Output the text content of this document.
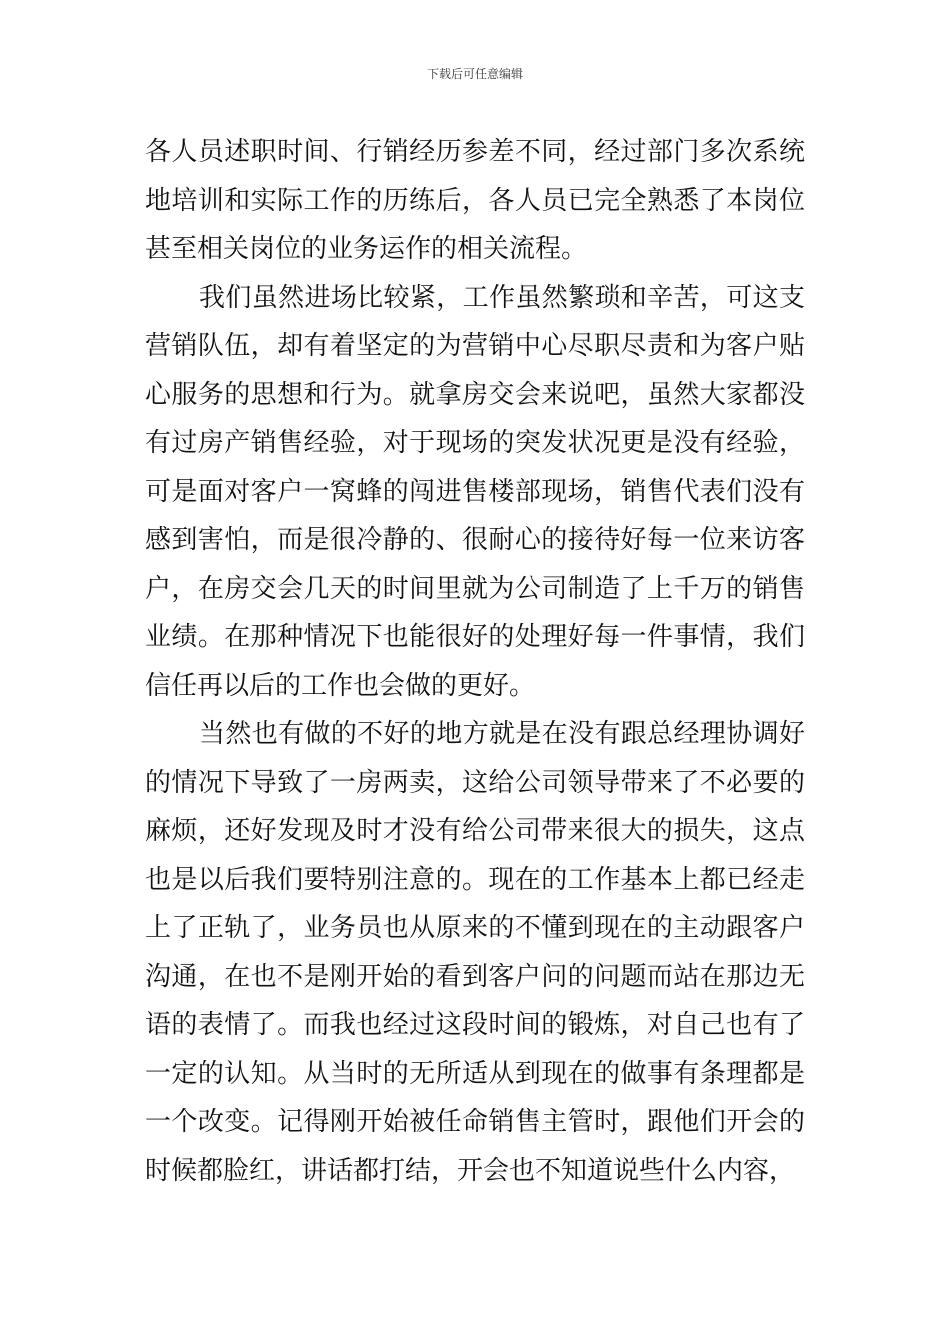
下载后可任意编辑

各人员述职时间、行销经历参差不同，经过部门多次系统地培训和实际工作的历练后，各人员已完全熟悉了本岗位甚至相关岗位的业务运作的相关流程。

我们虽然进场比较紧，工作虽然繁琐和辛苦，可这支营销队伍，却有着坚定的为营销中心尽职尽责和为客户贴心服务的思想和行为。就拿房交会来说吧，虽然大家都没有过房产销售经验，对于现场的突发状况更是没有经验，可是面对客户一窝蜂的闯进售楼部现场，销售代表们没有感到害怕，而是很冷静的、很耐心的接待好每一位来访客户，在房交会几天的时间里就为公司制造了上千万的销售业绩。在那种情况下也能很好的处理好每一件事情，我们信任再以后的工作也会做的更好。

当然也有做的不好的地方就是在没有跟总经理协调好的情况下导致了一房两卖，这给公司领导带来了不必要的麻烦，还好发现及时才没有给公司带来很大的损失，这点也是以后我们要特别注意的。现在的工作基本上都已经走上了正轨了，业务员也从原来的不懂到现在的主动跟客户沟通，在也不是刚开始的看到客户问的问题而站在那边无语的表情了。而我也经过这段时间的锻炼，对自己也有了一定的认知。从当时的无所适从到现在的做事有条理都是一个改变。记得刚开始被任命销售主管时，跟他们开会的时候都脸红，讲话都打结，开会也不知道说些什么内容，
